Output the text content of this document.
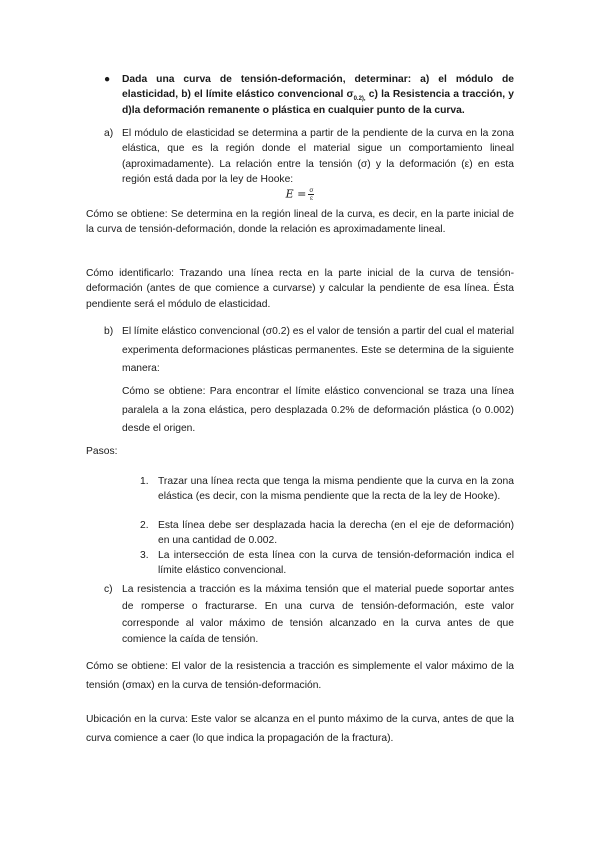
● Dada una curva de tensión-deformación, determinar: a) el módulo de elasticidad, b) el límite elástico convencional $\sigma_{0.2),}$ c) la Resistencia a tracción, y d)la deformación remanente o plástica en cualquier punto de la curva.

a) El módulo de elasticidad se determina a partir de la pendiente de la curva en la zona elástica, que es la región donde el material sigue un comportamiento lineal (aproximadamente). La relación entre la tensión (σ) y la deformación (ε) en esta región está dada por la ley de Hooke:

$E = \frac{\sigma}{\varepsilon}$

Cómo se obtiene: Se determina en la región lineal de la curva, es decir, en la parte inicial de la curva de tensión-deformación, donde la relación es aproximadamente lineal.

Cómo identificarlo: Trazando una línea recta en la parte inicial de la curva de tensión-deformación (antes de que comience a curvarse) y calcular la pendiente de esa línea. Ésta pendiente será el módulo de elasticidad.

b) El límite elástico convencional (σ0.2) es el valor de tensión a partir del cual el material experimenta deformaciones plásticas permanentes. Este se determina de la siguiente manera:

Cómo se obtiene: Para encontrar el límite elástico convencional se traza una línea paralela a la zona elástica, pero desplazada 0.2% de deformación plástica (o 0.002) desde el origen.

Pasos:

1. Trazar una línea recta que tenga la misma pendiente que la curva en la zona elástica (es decir, con la misma pendiente que la recta de la ley de Hooke).

2. Esta línea debe ser desplazada hacia la derecha (en el eje de deformación) en una cantidad de 0.002.

3. La intersección de esta línea con la curva de tensión-deformación indica el límite elástico convencional.

c) La resistencia a tracción es la máxima tensión que el material puede soportar antes de romperse o fracturarse. En una curva de tensión-deformación, este valor corresponde al valor máximo de tensión alcanzado en la curva antes de que comience la caída de tensión.

Cómo se obtiene: El valor de la resistencia a tracción es simplemente el valor máximo de la tensión (σmax) en la curva de tensión-deformación.

Ubicación en la curva: Este valor se alcanza en el punto máximo de la curva, antes de que la curva comience a caer (lo que indica la propagación de la fractura).
